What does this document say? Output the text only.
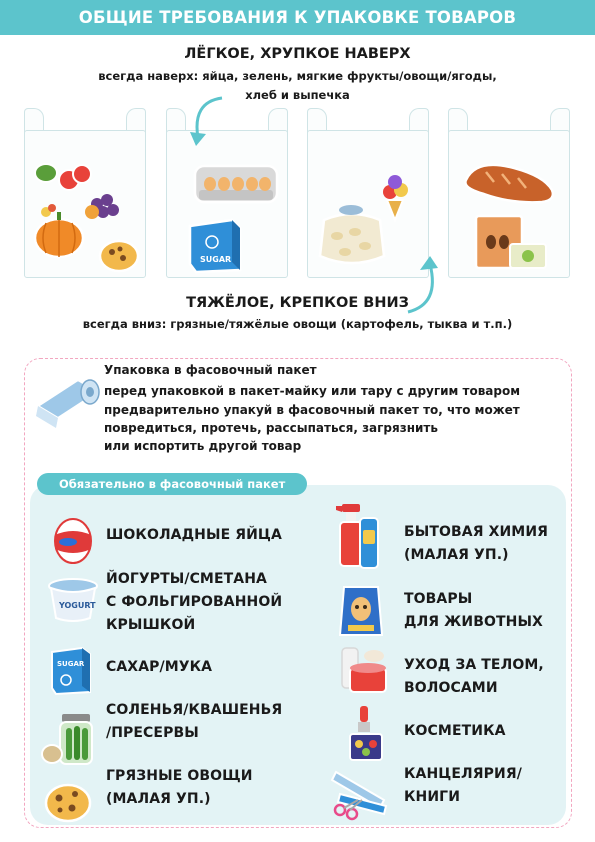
ОБЩИЕ ТРЕБОВАНИЯ К УПАКОВКЕ ТОВАРОВ
ЛЁГКОЕ, ХРУПКОЕ НАВЕРХ
всегда наверх: яйца, зелень, мягкие фрукты/овощи/ягоды,
хлеб и выпечка
SUGAR
ТЯЖЁЛОЕ, КРЕПКОЕ ВНИЗ
всегда вниз: грязные/тяжёлые овощи (картофель, тыква и т.п.)
Упаковка в фасовочный пакет
перед упаковкой в пакет-майку или тару с другим товаром
предварительно упакуй в фасовочный пакет то, что может
повредиться, протечь, рассыпаться, загрязнить
или испортить другой товар
Обязательно в фасовочный пакет
YOGURT
SUGAR
ШОКОЛАДНЫЕ ЯЙЦА
ЙОГУРТЫ/СМЕТАНА
С ФОЛЬГИРОВАННОЙ
КРЫШКОЙ
САХАР/МУКА
СОЛЕНЬЯ/КВАШЕНЬЯ
/ПРЕСЕРВЫ
ГРЯЗНЫЕ ОВОЩИ
(МАЛАЯ УП.)
БЫТОВАЯ ХИМИЯ
(МАЛАЯ УП.)
ТОВАРЫ
ДЛЯ ЖИВОТНЫХ
УХОД ЗА ТЕЛОМ,
ВОЛОСАМИ
КОСМЕТИКА
КАНЦЕЛЯРИЯ/
КНИГИ
